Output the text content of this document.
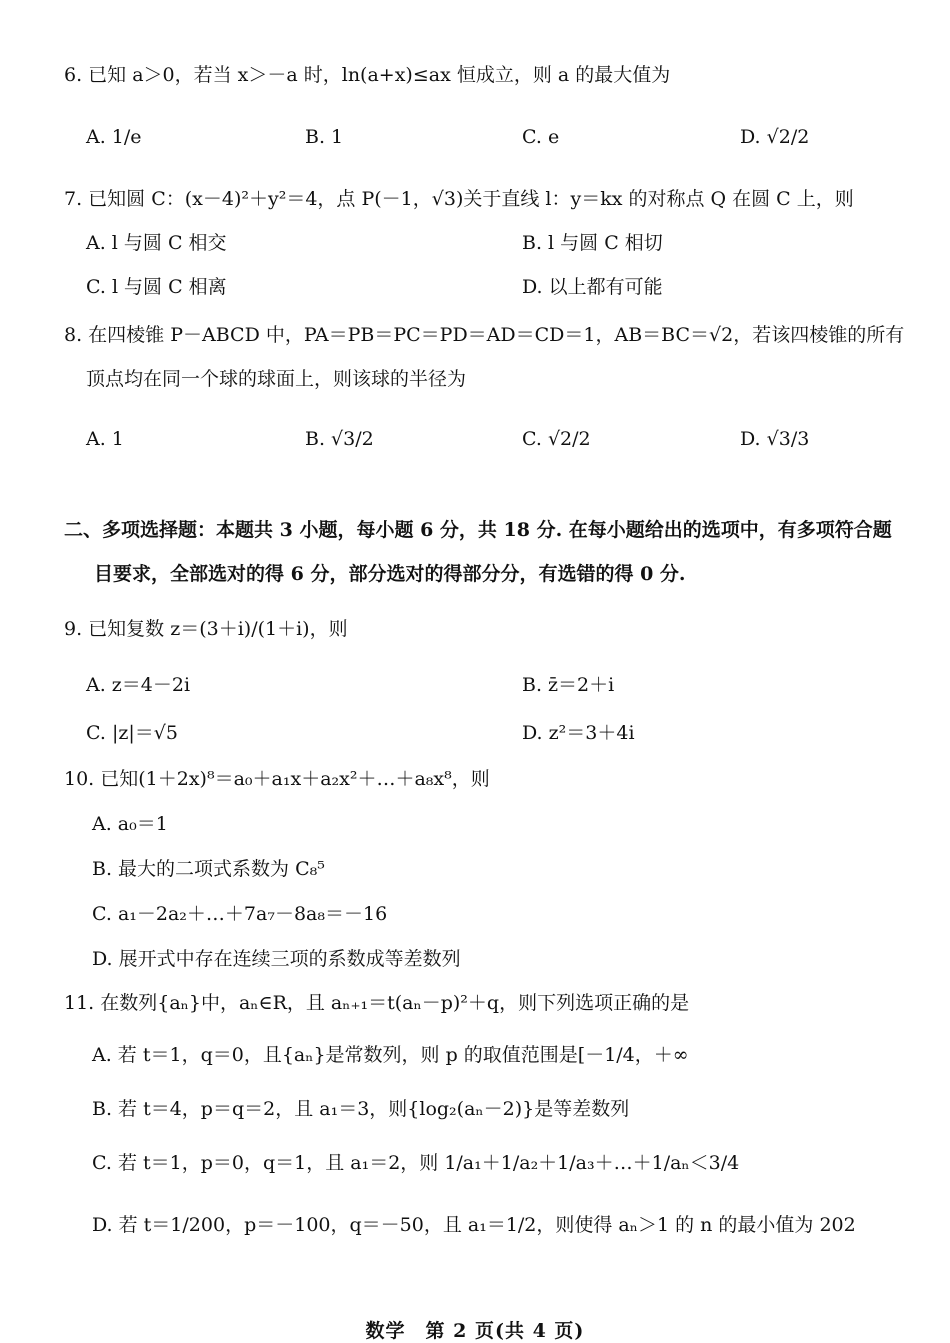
6. 已知 a＞0，若当 x＞－a 时，ln(a+x)≤ax 恒成立，则 a 的最大值为
A. 1/e	B. 1	C. e	D. √2/2
7. 已知圆 C：(x－4)²＋y²＝4，点 P(－1，√3)关于直线 l：y＝kx 的对称点 Q 在圆 C 上，则
A. l 与圆 C 相交	B. l 与圆 C 相切
C. l 与圆 C 相离	D. 以上都有可能
8. 在四棱锥 P－ABCD 中，PA＝PB＝PC＝PD＝AD＝CD＝1，AB＝BC＝√2，若该四棱锥的所有
顶点均在同一个球的球面上，则该球的半径为
A. 1	B. √3/2	C. √2/2	D. √3/3
二、多项选择题：本题共 3 小题，每小题 6 分，共 18 分. 在每小题给出的选项中，有多项符合题
目要求，全部选对的得 6 分，部分选对的得部分分，有选错的得 0 分.
9. 已知复数 z＝(3＋i)/(1＋i)，则
A. z＝4－2i	B. z̄＝2＋i
C. |z|＝√5	D. z²＝3＋4i
10. 已知(1＋2x)⁸＝a₀＋a₁x＋a₂x²＋…＋a₈x⁸，则
A. a₀＝1
B. 最大的二项式系数为 C₈⁵
C. a₁－2a₂＋…＋7a₇－8a₈＝－16
D. 展开式中存在连续三项的系数成等差数列
11. 在数列{aₙ}中，aₙ∈R，且 aₙ₊₁＝t(aₙ－p)²＋q，则下列选项正确的是
A. 若 t＝1，q＝0，且{aₙ}是常数列，则 p 的取值范围是[－1/4，＋∞
B. 若 t＝4，p＝q＝2，且 a₁＝3，则{log₂(aₙ－2)}是等差数列
C. 若 t＝1，p＝0，q＝1，且 a₁＝2，则 1/a₁＋1/a₂＋1/a₃＋…＋1/aₙ＜3/4
D. 若 t＝1/200，p＝－100，q＝－50，且 a₁＝1/2，则使得 aₙ＞1 的 n 的最小值为 202
数学　第 2 页(共 4 页)
